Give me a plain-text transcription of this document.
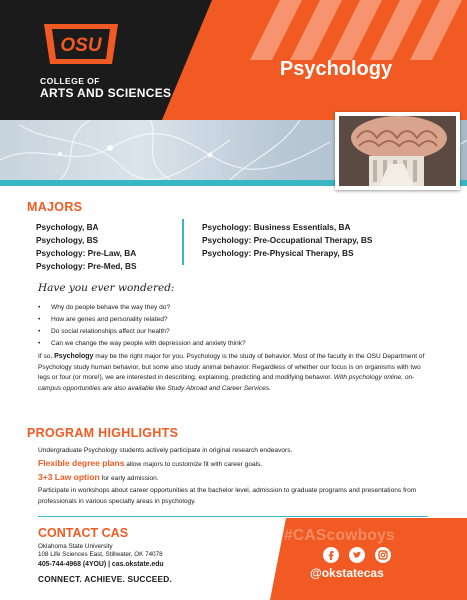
OSU
COLLEGE OF
ARTS AND SCIENCES
Psychology
MAJORS
Psychology, BA
Psychology, BS
Psychology: Pre-Law, BA
Psychology: Pre-Med, BS
Psychology: Business Essentials, BA
Psychology: Pre-Occupational Therapy, BS
Psychology: Pre-Physical Therapy, BS
Have you ever wondered:
• Why do people behave the way they do?
• How are genes and personality related?
• Do social relationships affect our health?
• Can we change the way people with depression and anxiety think?
If so, Psychology may be the right major for you. Psychology is the study of behavior. Most of the faculty in the OSU Department of Psychology study human behavior, but some also study animal behavior. Regardless of whether our focus is on organisms with two legs or four (or more!), we are interested in describing, explaining, predicting and modifying behavior. With psychology online, on-campus opportunities are also available like Study Abroad and Career Services.
PROGRAM HIGHLIGHTS
Undergraduate Psychology students actively participate in original research endeavors.
Flexible degree plans allow majors to customize fit with career goals.
3+3 Law option for early admission.
Participate in workshops about career opportunities at the bachelor level, admission to graduate programs and presentations from professionals in various specialty areas in psychology.
CONTACT CAS
Oklahoma State University
108 Life Sciences East, Stillwater, OK 74078
405-744-4968 (4YOU) | cas.okstate.edu
CONNECT. ACHIEVE. SUCCEED.
#CAScowboys
@okstatecas
